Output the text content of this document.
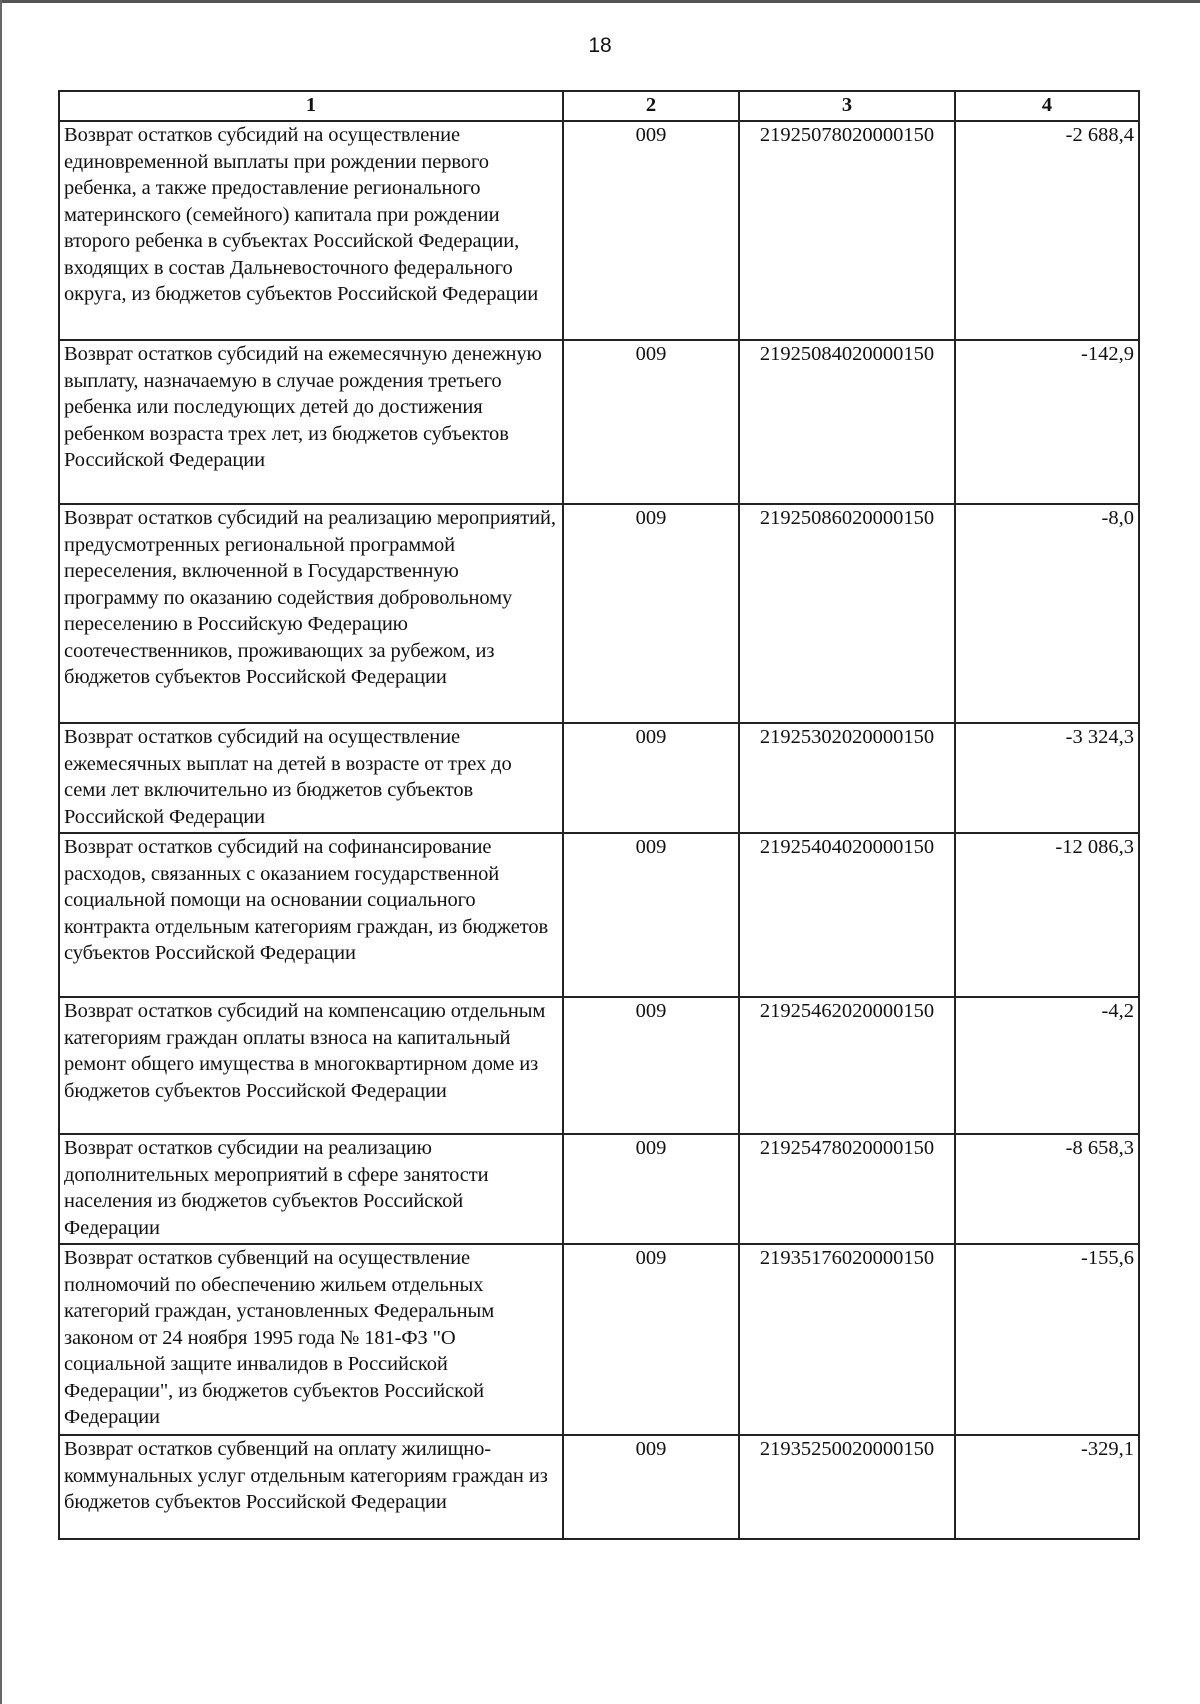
18
1	2	3	4
Возврат остатков субсидий на осуществление единовременной выплаты при рождении первого ребенка, а также предоставление регионального материнского (семейного) капитала при рождении второго ребенка в субъектах Российской Федерации, входящих в состав Дальневосточного федерального округа, из бюджетов субъектов Российской Федерации	009	21925078020000150	-2 688,4
Возврат остатков субсидий на ежемесячную денежную выплату, назначаемую в случае рождения третьего ребенка или последующих детей до достижения ребенком возраста трех лет, из бюджетов субъектов Российской Федерации	009	21925084020000150	-142,9
Возврат остатков субсидий на реализацию мероприятий, предусмотренных региональной программой переселения, включенной в Государственную программу по оказанию содействия добровольному переселению в Российскую Федерацию соотечественников, проживающих за рубежом, из бюджетов субъектов Российской Федерации	009	21925086020000150	-8,0
Возврат остатков субсидий на осуществление ежемесячных выплат на детей в возрасте от трех до семи лет включительно из бюджетов субъектов Российской Федерации	009	21925302020000150	-3 324,3
Возврат остатков субсидий на софинансирование расходов, связанных с оказанием государственной социальной помощи на основании социального контракта отдельным категориям граждан, из бюджетов субъектов Российской Федерации	009	21925404020000150	-12 086,3
Возврат остатков субсидий на компенсацию отдельным категориям граждан оплаты взноса на капитальный ремонт общего имущества в многоквартирном доме из бюджетов субъектов Российской Федерации	009	21925462020000150	-4,2
Возврат остатков субсидии на реализацию дополнительных мероприятий в сфере занятости населения из бюджетов субъектов Российской Федерации	009	21925478020000150	-8 658,3
Возврат остатков субвенций на осуществление полномочий по обеспечению жильем отдельных категорий граждан, установленных Федеральным законом от 24 ноября 1995 года № 181-ФЗ "О социальной защите инвалидов в Российской Федерации", из бюджетов субъектов Российской Федерации	009	21935176020000150	-155,6
Возврат остатков субвенций на оплату жилищно-коммунальных услуг отдельным категориям граждан из бюджетов субъектов Российской Федерации	009	21935250020000150	-329,1
